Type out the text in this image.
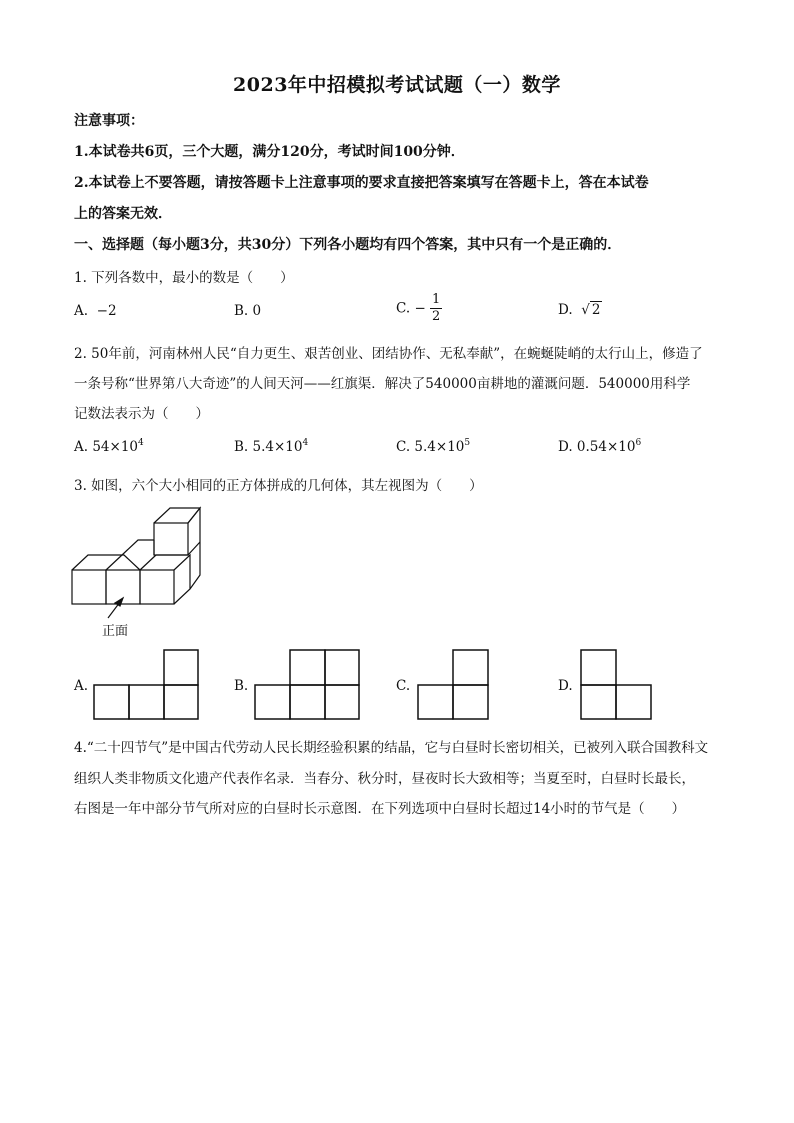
2023年中招模拟考试试题（一）数学
注意事项：
1.本试卷共6页，三个大题，满分120分，考试时间100分钟．
2.本试卷上不要答题，请按答题卡上注意事项的要求直接把答案填写在答题卡上，答在本试卷
上的答案无效．
一、选择题（每小题3分，共30分）下列各小题均有四个答案，其中只有一个是正确的．
1. 下列各数中，最小的数是（　　）
A. −2	B. 0	C. − $\frac{1}{2}$	D. √ 2
2. 50年前，河南林州人民“自力更生、艰苦创业、团结协作、无私奉献”，在蜿蜒陡峭的太行山上，修造了
一条号称“世界第八大奇迹”的人间天河——红旗渠．解决了540000亩耕地的灌溉问题．540000用科学
记数法表示为（　　）
A. $54\times 10^4$	B. $5.4\times 10^4$	C. $5.4\times 10^5$	D. $0.54\times 10^6$
3. 如图，六个大小相同的正方体拼成的几何体，其左视图为（　　）
正面
A.	B.	C.	D.
4.“二十四节气”是中国古代劳动人民长期经验积累的结晶，它与白昼时长密切相关，已被列入联合国教科文
组织人类非物质文化遗产代表作名录．当春分、秋分时，昼夜时长大致相等；当夏至时，白昼时长最长，
右图是一年中部分节气所对应的白昼时长示意图．在下列选项中白昼时长超过14小时的节气是（　　）
